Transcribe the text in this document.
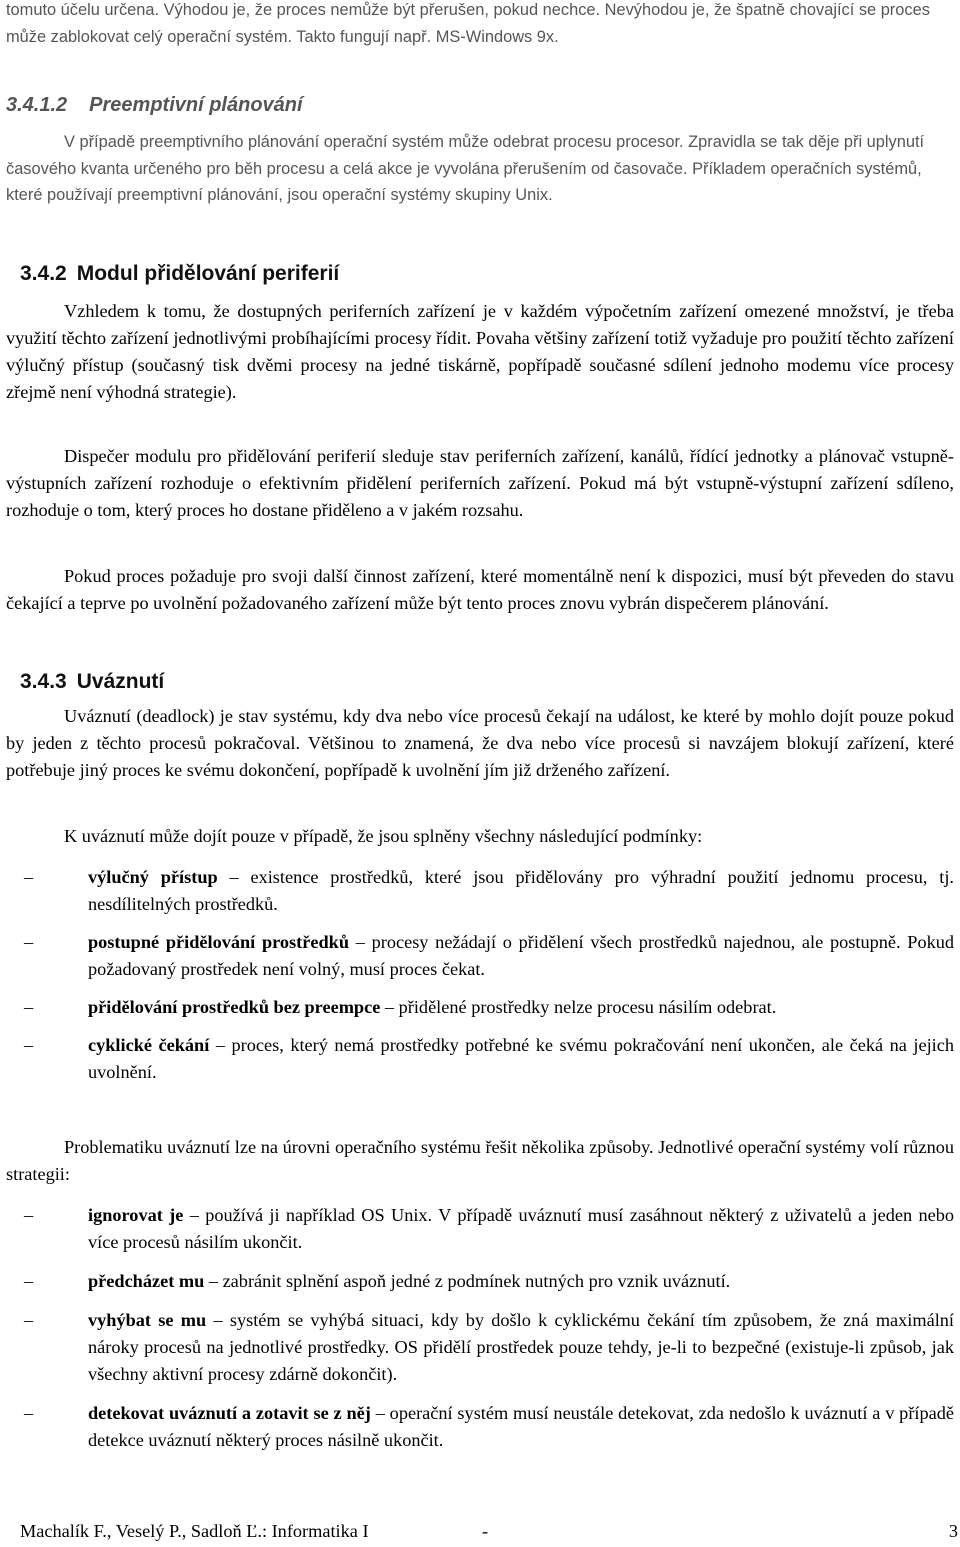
tomuto účelu určena. Výhodou je, že proces nemůže být přerušen, pokud nechce. Nevýhodou je, že špatně chovající se proces může zablokovat celý operační systém. Takto fungují např. MS-Windows 9x.

3.4.1.2 Preemptivní plánování

V případě preemptivního plánování operační systém může odebrat procesu procesor. Zpravidla se tak děje při uplynutí časového kvanta určeného pro běh procesu a celá akce je vyvolána přerušením od časovače. Příkladem operačních systémů, které používají preemptivní plánování, jsou operační systémy skupiny Unix.

3.4.2 Modul přidělování periferií

Vzhledem k tomu, že dostupných periferních zařízení je v každém výpočetním zařízení omezené množství, je třeba využití těchto zařízení jednotlivými probíhajícími procesy řídit. Povaha většiny zařízení totiž vyžaduje pro použití těchto zařízení výlučný přístup (současný tisk dvěmi procesy na jedné tiskárně, popřípadě současné sdílení jednoho modemu více procesy zřejmě není výhodná strategie).

Dispečer modulu pro přidělování periferií sleduje stav periferních zařízení, kanálů, řídící jednotky a plánovač vstupně-výstupních zařízení rozhoduje o efektivním přidělení periferních zařízení. Pokud má být vstupně-výstupní zařízení sdíleno, rozhoduje o tom, který proces ho dostane přiděleno a v jakém rozsahu.

Pokud proces požaduje pro svoji další činnost zařízení, které momentálně není k dispozici, musí být převeden do stavu čekající a teprve po uvolnění požadovaného zařízení může být tento proces znovu vybrán dispečerem plánování.

3.4.3 Uváznutí

Uváznutí (deadlock) je stav systému, kdy dva nebo více procesů čekají na událost, ke které by mohlo dojít pouze pokud by jeden z těchto procesů pokračoval. Většinou to znamená, že dva nebo více procesů si navzájem blokují zařízení, které potřebuje jiný proces ke svému dokončení, popřípadě k uvolnění jím již drženého zařízení.

K uváznutí může dojít pouze v případě, že jsou splněny všechny následující podmínky:

–	výlučný přístup – existence prostředků, které jsou přidělovány pro výhradní použití jednomu procesu, tj. nesdílitelných prostředků.
–	postupné přidělování prostředků – procesy nežádají o přidělení všech prostředků najednou, ale postupně. Pokud požadovaný prostředek není volný, musí proces čekat.
–	přidělování prostředků bez preempce – přidělené prostředky nelze procesu násilím odebrat.
–	cyklické čekání – proces, který nemá prostředky potřebné ke svému pokračování není ukončen, ale čeká na jejich uvolnění.

Problematiku uváznutí lze na úrovni operačního systému řešit několika způsoby. Jednotlivé operační systémy volí různou strategii:

–	ignorovat je – používá ji například OS Unix. V případě uváznutí musí zasáhnout některý z uživatelů a jeden nebo více procesů násilím ukončit.
–	předcházet mu – zabránit splnění aspoň jedné z podmínek nutných pro vznik uváznutí.
–	vyhýbat se mu – systém se vyhýbá situaci, kdy by došlo k cyklickému čekání tím způsobem, že zná maximální nároky procesů na jednotlivé prostředky. OS přidělí prostředek pouze tehdy, je-li to bezpečné (existuje-li způsob, jak všechny aktivní procesy zdárně dokončit).
–	detekovat uváznutí a zotavit se z něj – operační systém musí neustále detekovat, zda nedošlo k uváznutí a v případě detekce uváznutí některý proces násilně ukončit.
Machalík F., Veselý P., Sadloň Ľ.: Informatika I	-	3
